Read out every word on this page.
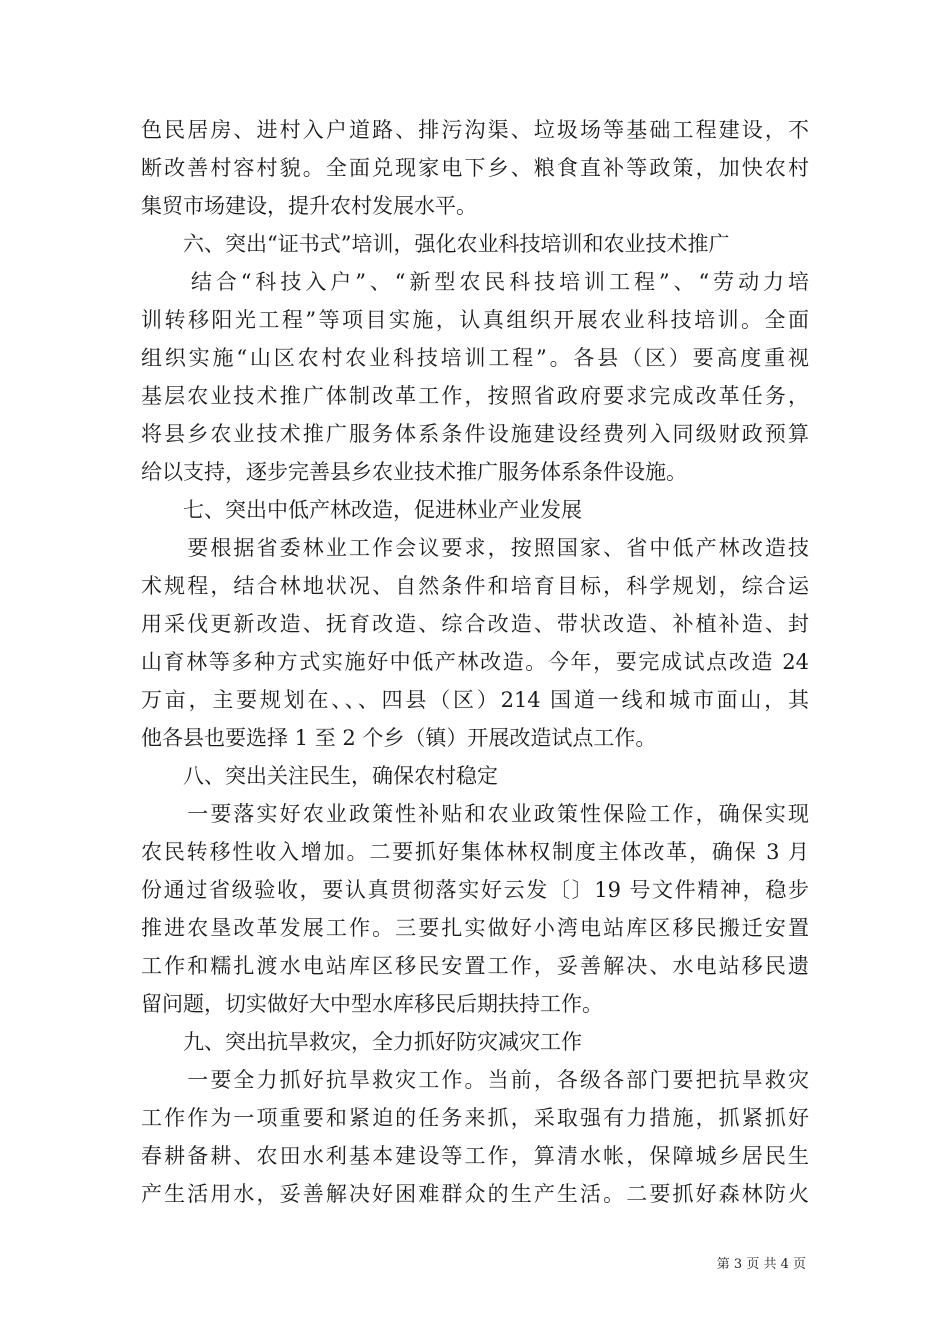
色民居房、进村入户道路、排污沟渠、垃圾场等基础工程建设，不
断改善村容村貌。全面兑现家电下乡、粮食直补等政策，加快农村
集贸市场建设，提升农村发展水平。
　　六、突出“证书式”培训，强化农业科技培训和农业技术推广
　　结合“科技入户”、“新型农民科技培训工程”、“劳动力培
训转移阳光工程”等项目实施，认真组织开展农业科技培训。全面
组织实施“山区农村农业科技培训工程”。各县（区）要高度重视
基层农业技术推广体制改革工作，按照省政府要求完成改革任务，
将县乡农业技术推广服务体系条件设施建设经费列入同级财政预算
给以支持，逐步完善县乡农业技术推广服务体系条件设施。
　　七、突出中低产林改造，促进林业产业发展
　　要根据省委林业工作会议要求，按照国家、省中低产林改造技
术规程，结合林地状况、自然条件和培育目标，科学规划，综合运
用采伐更新改造、抚育改造、综合改造、带状改造、补植补造、封
山育林等多种方式实施好中低产林改造。今年，要完成试点改造 24
万亩，主要规划在、、、四县（区）214 国道一线和城市面山，其
他各县也要选择 1 至 2 个乡（镇）开展改造试点工作。
　　八、突出关注民生，确保农村稳定
　　一要落实好农业政策性补贴和农业政策性保险工作，确保实现
农民转移性收入增加。二要抓好集体林权制度主体改革，确保 3 月
份通过省级验收，要认真贯彻落实好云发〔〕19 号文件精神，稳步
推进农垦改革发展工作。三要扎实做好小湾电站库区移民搬迁安置
工作和糯扎渡水电站库区移民安置工作，妥善解决、水电站移民遗
留问题，切实做好大中型水库移民后期扶持工作。
　　九、突出抗旱救灾，全力抓好防灾减灾工作
　　一要全力抓好抗旱救灾工作。当前，各级各部门要把抗旱救灾
工作作为一项重要和紧迫的任务来抓，采取强有力措施，抓紧抓好
春耕备耕、农田水利基本建设等工作，算清水帐，保障城乡居民生
产生活用水，妥善解决好困难群众的生产生活。二要抓好森林防火
第 3 页 共 4 页
